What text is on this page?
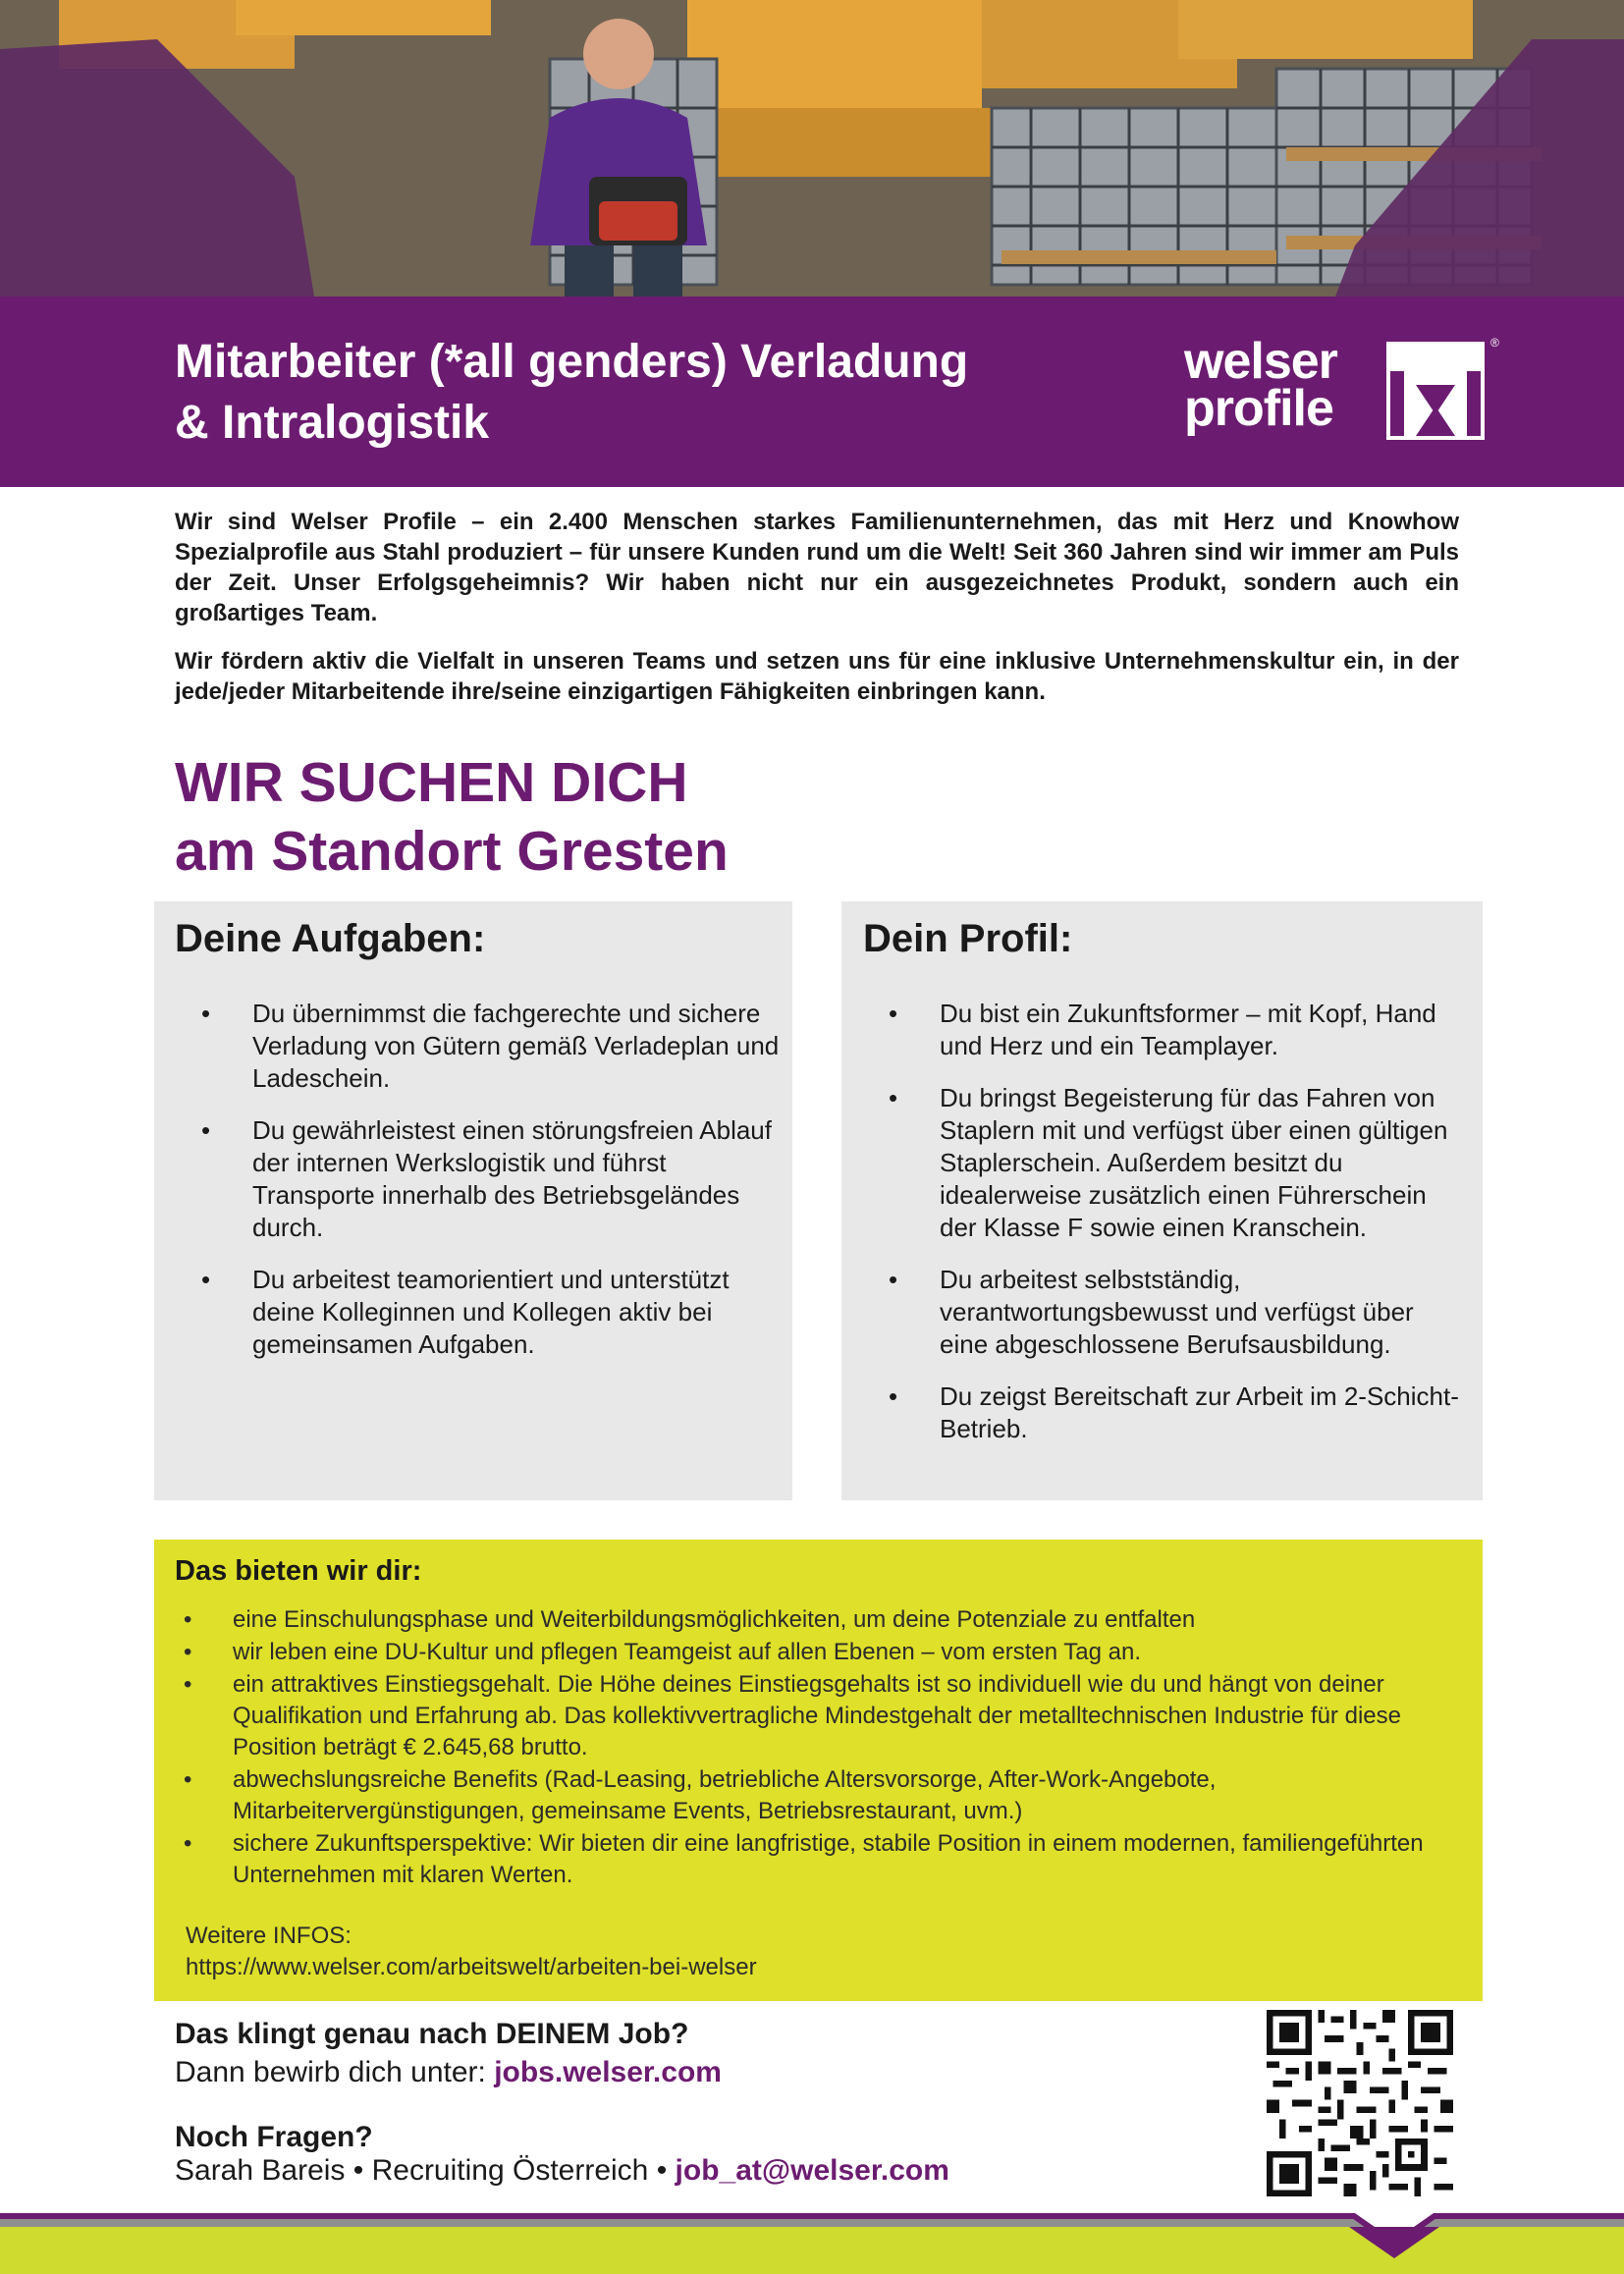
Mitarbeiter (*all genders) Verladung
& Intralogistik
welser
profile
®

Wir sind Welser Profile – ein 2.400 Menschen starkes Familienunternehmen, das mit Herz und Knowhow Spezialprofile aus Stahl produziert – für unsere Kunden rund um die Welt! Seit 360 Jahren sind wir immer am Puls der Zeit. Unser Erfolgsgeheimnis? Wir haben nicht nur ein ausgezeichnetes Produkt, sondern auch ein großartiges Team.

Wir fördern aktiv die Vielfalt in unseren Teams und setzen uns für eine inklusive Unternehmenskultur ein, in der jede/jeder Mitarbeitende ihre/seine einzigartigen Fähigkeiten einbringen kann.

WIR SUCHEN DICH
am Standort Gresten
Deine Aufgaben:
• Du übernimmst die fachgerechte und sichere Verladung von Gütern gemäß Verladeplan und Ladeschein.
• Du gewährleistest einen störungsfreien Ablauf der internen Werkslogistik und führst Transporte innerhalb des Betriebsgeländes durch.
• Du arbeitest teamorientiert und unterstützt deine Kolleginnen und Kollegen aktiv bei gemeinsamen Aufgaben.
Dein Profil:
• Du bist ein Zukunftsformer – mit Kopf, Hand und Herz und ein Teamplayer.
• Du bringst Begeisterung für das Fahren von Staplern mit und verfügst über einen gültigen Staplerschein. Außerdem besitzt du idealerweise zusätzlich einen Führerschein der Klasse F sowie einen Kranschein.
• Du arbeitest selbstständig, verantwortungsbewusst und verfügst über eine abgeschlossene Berufsausbildung.
• Du zeigst Bereitschaft zur Arbeit im 2-Schicht-Betrieb.
Das bieten wir dir:
• eine Einschulungsphase und Weiterbildungsmöglichkeiten, um deine Potenziale zu entfalten
• wir leben eine DU-Kultur und pflegen Teamgeist auf allen Ebenen – vom ersten Tag an.
• ein attraktives Einstiegsgehalt. Die Höhe deines Einstiegsgehalts ist so individuell wie du und hängt von deiner Qualifikation und Erfahrung ab. Das kollektivvertragliche Mindestgehalt der metalltechnischen Industrie für diese Position beträgt € 2.645,68 brutto.
• abwechslungsreiche Benefits (Rad-Leasing, betriebliche Altersvorsorge, After-Work-Angebote, Mitarbeitervergünstigungen, gemeinsame Events, Betriebsrestaurant, uvm.)
• sichere Zukunftsperspektive: Wir bieten dir eine langfristige, stabile Position in einem modernen, familiengeführten Unternehmen mit klaren Werten.
Weitere INFOS:
https://www.welser.com/arbeitswelt/arbeiten-bei-welser
Das klingt genau nach DEINEM Job?
Dann bewirb dich unter: jobs.welser.com
Noch Fragen?
Sarah Bareis • Recruiting Österreich • job_at@welser.com
